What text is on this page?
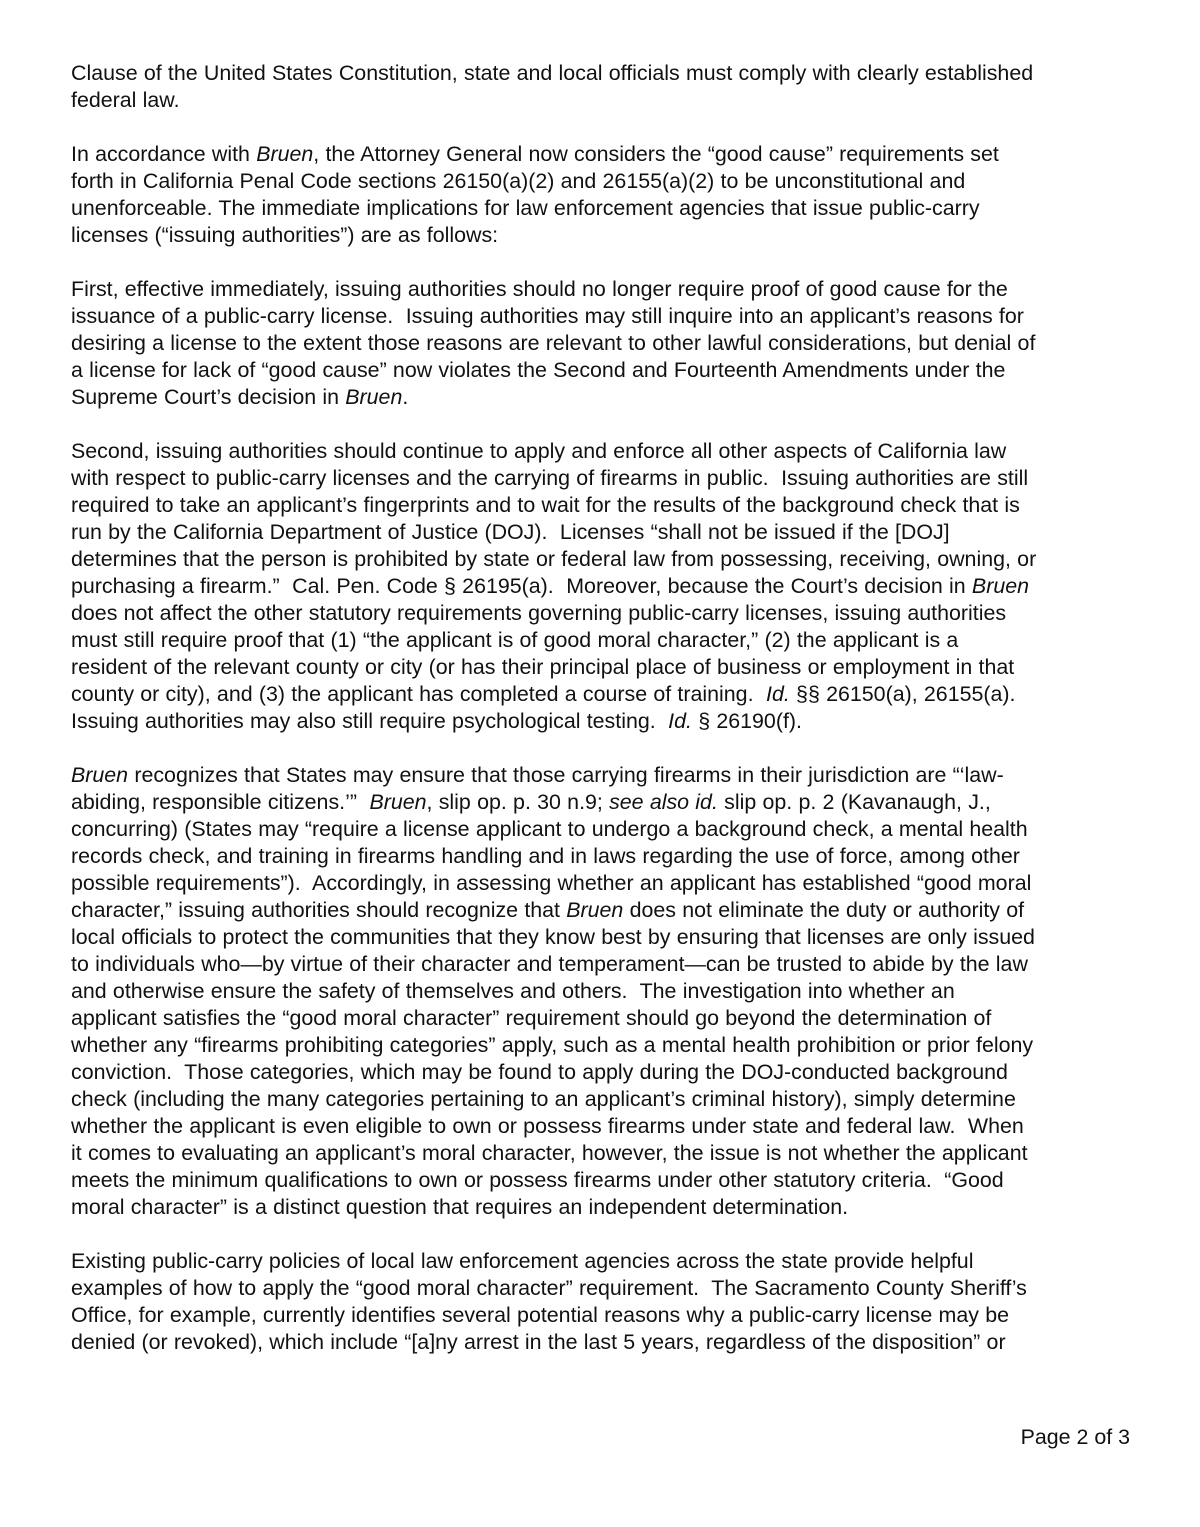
Clause of the United States Constitution, state and local officials must comply with clearly established
federal law.

In accordance with Bruen, the Attorney General now considers the “good cause” requirements set
forth in California Penal Code sections 26150(a)(2) and 26155(a)(2) to be unconstitutional and
unenforceable. The immediate implications for law enforcement agencies that issue public-carry
licenses (“issuing authorities”) are as follows:

First, effective immediately, issuing authorities should no longer require proof of good cause for the
issuance of a public-carry license.  Issuing authorities may still inquire into an applicant’s reasons for
desiring a license to the extent those reasons are relevant to other lawful considerations, but denial of
a license for lack of “good cause” now violates the Second and Fourteenth Amendments under the
Supreme Court’s decision in Bruen.

Second, issuing authorities should continue to apply and enforce all other aspects of California law
with respect to public-carry licenses and the carrying of firearms in public.  Issuing authorities are still
required to take an applicant’s fingerprints and to wait for the results of the background check that is
run by the California Department of Justice (DOJ).  Licenses “shall not be issued if the [DOJ]
determines that the person is prohibited by state or federal law from possessing, receiving, owning, or
purchasing a firearm.”  Cal. Pen. Code § 26195(a).  Moreover, because the Court’s decision in Bruen
does not affect the other statutory requirements governing public-carry licenses, issuing authorities
must still require proof that (1) “the applicant is of good moral character,” (2) the applicant is a
resident of the relevant county or city (or has their principal place of business or employment in that
county or city), and (3) the applicant has completed a course of training.  Id. §§ 26150(a), 26155(a).
Issuing authorities may also still require psychological testing.  Id. § 26190(f).

Bruen recognizes that States may ensure that those carrying firearms in their jurisdiction are “‘law-
abiding, responsible citizens.’”  Bruen, slip op. p. 30 n.9; see also id. slip op. p. 2 (Kavanaugh, J.,
concurring) (States may “require a license applicant to undergo a background check, a mental health
records check, and training in firearms handling and in laws regarding the use of force, among other
possible requirements”).  Accordingly, in assessing whether an applicant has established “good moral
character,” issuing authorities should recognize that Bruen does not eliminate the duty or authority of
local officials to protect the communities that they know best by ensuring that licenses are only issued
to individuals who—by virtue of their character and temperament—can be trusted to abide by the law
and otherwise ensure the safety of themselves and others.  The investigation into whether an
applicant satisfies the “good moral character” requirement should go beyond the determination of
whether any “firearms prohibiting categories” apply, such as a mental health prohibition or prior felony
conviction.  Those categories, which may be found to apply during the DOJ-conducted background
check (including the many categories pertaining to an applicant’s criminal history), simply determine
whether the applicant is even eligible to own or possess firearms under state and federal law.  When
it comes to evaluating an applicant’s moral character, however, the issue is not whether the applicant
meets the minimum qualifications to own or possess firearms under other statutory criteria.  “Good
moral character” is a distinct question that requires an independent determination.

Existing public-carry policies of local law enforcement agencies across the state provide helpful
examples of how to apply the “good moral character” requirement.  The Sacramento County Sheriff’s
Office, for example, currently identifies several potential reasons why a public-carry license may be
denied (or revoked), which include “[a]ny arrest in the last 5 years, regardless of the disposition” or

Page 2 of 3
